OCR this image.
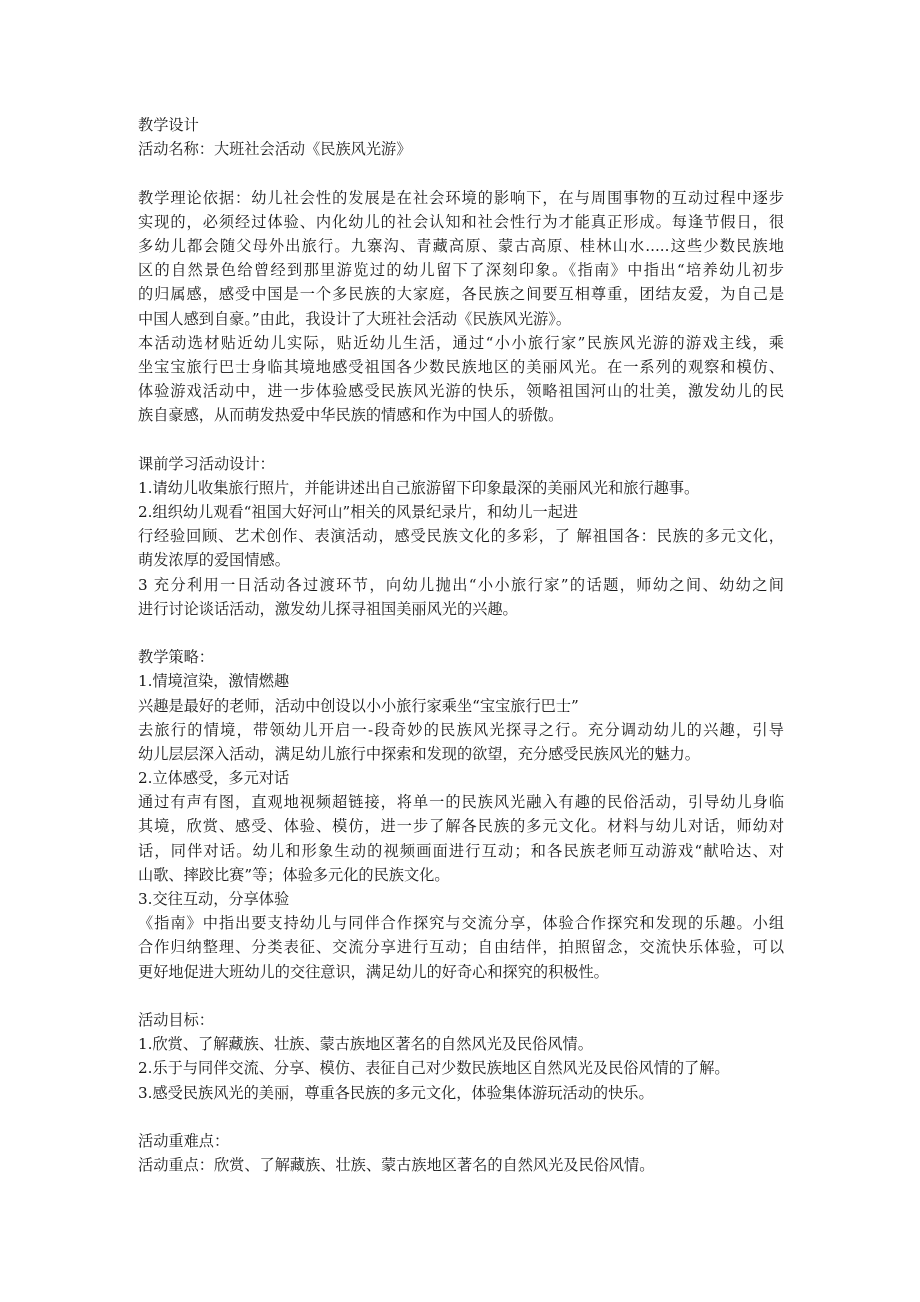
教学设计
活动名称：大班社会活动《民族风光游》
教学理论依据：幼儿社会性的发展是在社会环境的影响下，在与周围事物的互动过程中逐步
实现的，必须经过体验、内化幼儿的社会认知和社会性行为才能真正形成。每逢节假日，很
多幼儿都会随父母外出旅行。九寨沟、青藏高原、蒙古高原、桂林山水.....这些少数民族地
区的自然景色给曾经到那里游览过的幼儿留下了深刻印象。《指南》中指出“培养幼儿初步
的归属感，感受中国是一个多民族的大家庭，各民族之间要互相尊重，团结友爱，为自己是
中国人感到自豪。”由此，我设计了大班社会活动《民族风光游》。
本活动选材贴近幼儿实际，贴近幼儿生活，通过“小小旅行家”民族风光游的游戏主线，乘
坐宝宝旅行巴士身临其境地感受祖国各少数民族地区的美丽风光。在一系列的观察和模仿、
体验游戏活动中，进一步体验感受民族风光游的快乐，领略祖国河山的壮美，激发幼儿的民
族自豪感，从而萌发热爱中华民族的情感和作为中国人的骄傲。
课前学习活动设计：
1.请幼儿收集旅行照片，并能讲述出自己旅游留下印象最深的美丽风光和旅行趣事。
2.组织幼儿观看“祖国大好河山”相关的风景纪录片，和幼儿一起进
行经验回顾、艺术创作、表演活动，感受民族文化的多彩，了 解祖国各：民族的多元文化，
萌发浓厚的爱国情感。
3 充分利用一日活动各过渡环节，向幼儿抛出“小小旅行家”的话题，师幼之间、幼幼之间
进行讨论谈话活动，激发幼儿探寻祖国美丽风光的兴趣。
教学策略：
1.情境渲染，激情燃趣
兴趣是最好的老师，活动中创设以小小旅行家乘坐“宝宝旅行巴士”
去旅行的情境，带领幼儿开启一-段奇妙的民族风光探寻之行。充分调动幼儿的兴趣，引导
幼儿层层深入活动，满足幼儿旅行中探索和发现的欲望，充分感受民族风光的魅力。
2.立体感受，多元对话
通过有声有图，直观地视频超链接，将单一的民族风光融入有趣的民俗活动，引导幼儿身临
其境，欣赏、感受、体验、模仿，进一步了解各民族的多元文化。材料与幼儿对话，师幼对
话，同伴对话。幼儿和形象生动的视频画面进行互动；和各民族老师互动游戏“献哈达、对
山歌、摔跤比赛”等；体验多元化的民族文化。
3.交往互动，分享体验
《指南》中指出要支持幼儿与同伴合作探究与交流分享，体验合作探究和发现的乐趣。小组
合作归纳整理、分类表征、交流分享进行互动；自由结伴，拍照留念，交流快乐体验，可以
更好地促进大班幼儿的交往意识，满足幼儿的好奇心和探究的积极性。
活动目标：
1.欣赏、了解藏族、壮族、蒙古族地区著名的自然风光及民俗风情。
2.乐于与同伴交流、分享、模仿、表征自己对少数民族地区自然风光及民俗风情的了解。
3.感受民族风光的美丽，尊重各民族的多元文化，体验集体游玩活动的快乐。
活动重难点：
活动重点：欣赏、了解藏族、壮族、蒙古族地区著名的自然风光及民俗风情。
